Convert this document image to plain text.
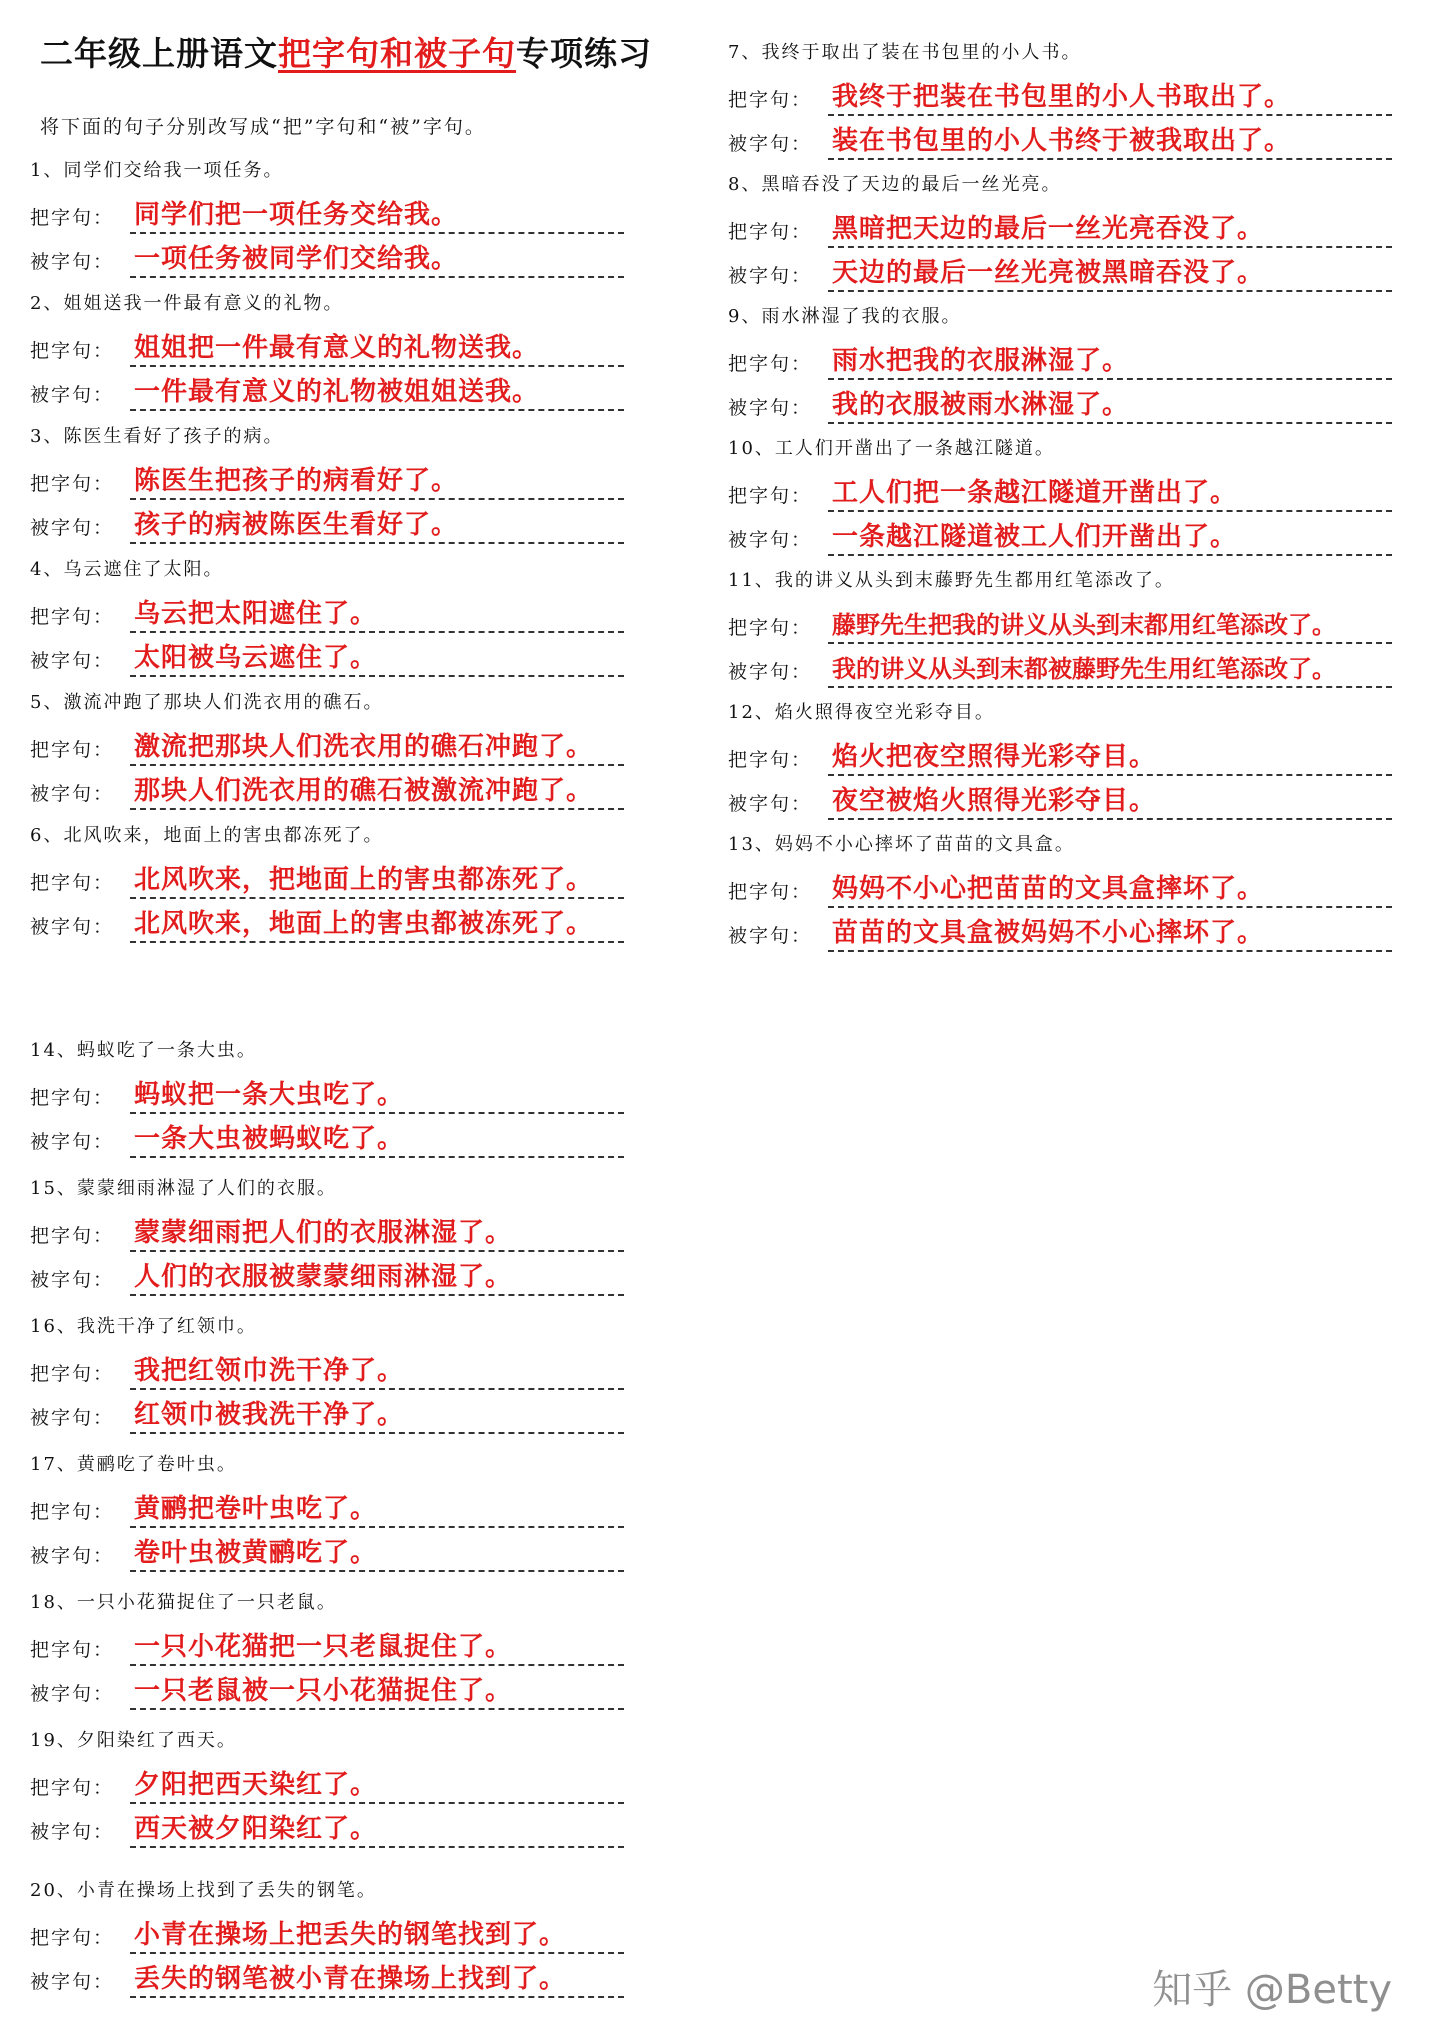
二年级上册语文把字句和被子句专项练习
将下面的句子分别改写成“把”字句和“被”字句。
1、同学们交给我一项任务。
把字句： 同学们把一项任务交给我。
被字句： 一项任务被同学们交给我。
2、姐姐送我一件最有意义的礼物。
把字句： 姐姐把一件最有意义的礼物送我。
被字句： 一件最有意义的礼物被姐姐送我。
3、陈医生看好了孩子的病。
把字句： 陈医生把孩子的病看好了。
被字句： 孩子的病被陈医生看好了。
4、乌云遮住了太阳。
把字句： 乌云把太阳遮住了。
被字句： 太阳被乌云遮住了。
5、激流冲跑了那块人们洗衣用的礁石。
把字句： 激流把那块人们洗衣用的礁石冲跑了。
被字句： 那块人们洗衣用的礁石被激流冲跑了。
6、北风吹来，地面上的害虫都冻死了。
把字句： 北风吹来，把地面上的害虫都冻死了。
被字句： 北风吹来，地面上的害虫都被冻死了。
7、我终于取出了装在书包里的小人书。
把字句： 我终于把装在书包里的小人书取出了。
被字句： 装在书包里的小人书终于被我取出了。
8、黑暗吞没了天边的最后一丝光亮。
把字句： 黑暗把天边的最后一丝光亮吞没了。
被字句： 天边的最后一丝光亮被黑暗吞没了。
9、雨水淋湿了我的衣服。
把字句： 雨水把我的衣服淋湿了。
被字句： 我的衣服被雨水淋湿了。
10、工人们开凿出了一条越江隧道。
把字句： 工人们把一条越江隧道开凿出了。
被字句： 一条越江隧道被工人们开凿出了。
11、我的讲义从头到末藤野先生都用红笔添改了。
把字句： 藤野先生把我的讲义从头到末都用红笔添改了。
被字句： 我的讲义从头到末都被藤野先生用红笔添改了。
12、焰火照得夜空光彩夺目。
把字句： 焰火把夜空照得光彩夺目。
被字句： 夜空被焰火照得光彩夺目。
13、妈妈不小心摔坏了苗苗的文具盒。
把字句： 妈妈不小心把苗苗的文具盒摔坏了。
被字句： 苗苗的文具盒被妈妈不小心摔坏了。
14、蚂蚁吃了一条大虫。
把字句： 蚂蚁把一条大虫吃了。
被字句： 一条大虫被蚂蚁吃了。
15、蒙蒙细雨淋湿了人们的衣服。
把字句： 蒙蒙细雨把人们的衣服淋湿了。
被字句： 人们的衣服被蒙蒙细雨淋湿了。
16、我洗干净了红领巾。
把字句： 我把红领巾洗干净了。
被字句： 红领巾被我洗干净了。
17、黄鹂吃了卷叶虫。
把字句： 黄鹂把卷叶虫吃了。
被字句： 卷叶虫被黄鹂吃了。
18、一只小花猫捉住了一只老鼠。
把字句： 一只小花猫把一只老鼠捉住了。
被字句： 一只老鼠被一只小花猫捉住了。
19、夕阳染红了西天。
把字句： 夕阳把西天染红了。
被字句： 西天被夕阳染红了。
20、小青在操场上找到了丢失的钢笔。
把字句： 小青在操场上把丢失的钢笔找到了。
被字句： 丢失的钢笔被小青在操场上找到了。	知乎 @Betty
